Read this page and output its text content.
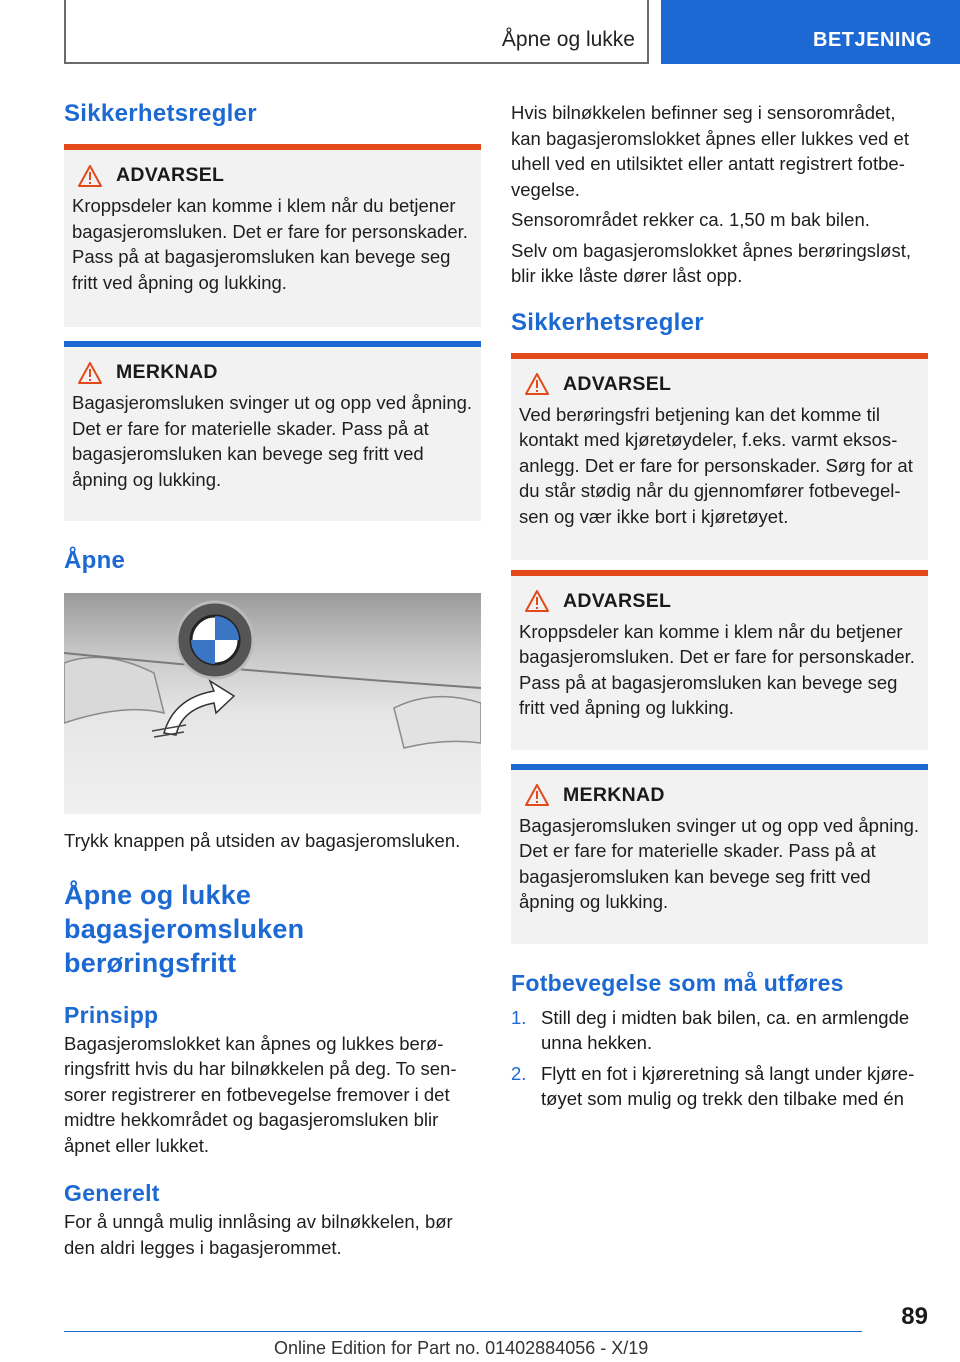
Åpne og lukke	BETJENING
Sikkerhetsregler
ADVARSEL

Kroppsdeler kan komme i klem når du betjener bagasjeromsluken. Det er fare for personskader. Pass på at bagasjeromsluken kan bevege seg fritt ved åpning og lukking.

MERKNAD

Bagasjeromsluken svinger ut og opp ved åpning. Det er fare for materielle skader. Pass på at bagasjeromsluken kan bevege seg fritt ved åpning og lukking.

Åpne

Trykk knappen på utsiden av bagasjeromsluken.

Åpne og lukke bagasjeromsluken berøringsfritt
Prinsipp

Bagasjeromslokket kan åpnes og lukkes berøringsfritt hvis du har bilnøkkelen på deg. To sensorer registrerer en fotbevegelse fremover i det midtre hekkområdet og bagasjeromsluken blir åpnet eller lukket.

Generelt

For å unngå mulig innlåsing av bilnøkkelen, bør den aldri legges i bagasjerommet.

Hvis bilnøkkelen befinner seg i sensorområdet, kan bagasjeromslokket åpnes eller lukkes ved et uhell ved en utilsiktet eller antatt registrert fotbevegelse.

Sensorområdet rekker ca. 1,50 m bak bilen.

Selv om bagasjeromslokket åpnes berøringsløst, blir ikke låste dører låst opp.

Sikkerhetsregler
ADVARSEL

Ved berøringsfri betjening kan det komme til kontakt med kjøretøydeler, f.eks. varmt eksosanlegg. Det er fare for personskader. Sørg for at du står stødig når du gjennomfører fotbevegelsen og vær ikke bort i kjøretøyet.

ADVARSEL

Kroppsdeler kan komme i klem når du betjener bagasjeromsluken. Det er fare for personskader. Pass på at bagasjeromsluken kan bevege seg fritt ved åpning og lukking.

MERKNAD

Bagasjeromsluken svinger ut og opp ved åpning. Det er fare for materielle skader. Pass på at bagasjeromsluken kan bevege seg fritt ved åpning og lukking.

Fotbevegelse som må utføres
1. Still deg i midten bak bilen, ca. en armlengde unna hekken.
2. Flytt en fot i kjøreretning så langt under kjøretøyet som mulig og trekk den tilbake med én
89
Online Edition for Part no. 01402884056 - X/19
